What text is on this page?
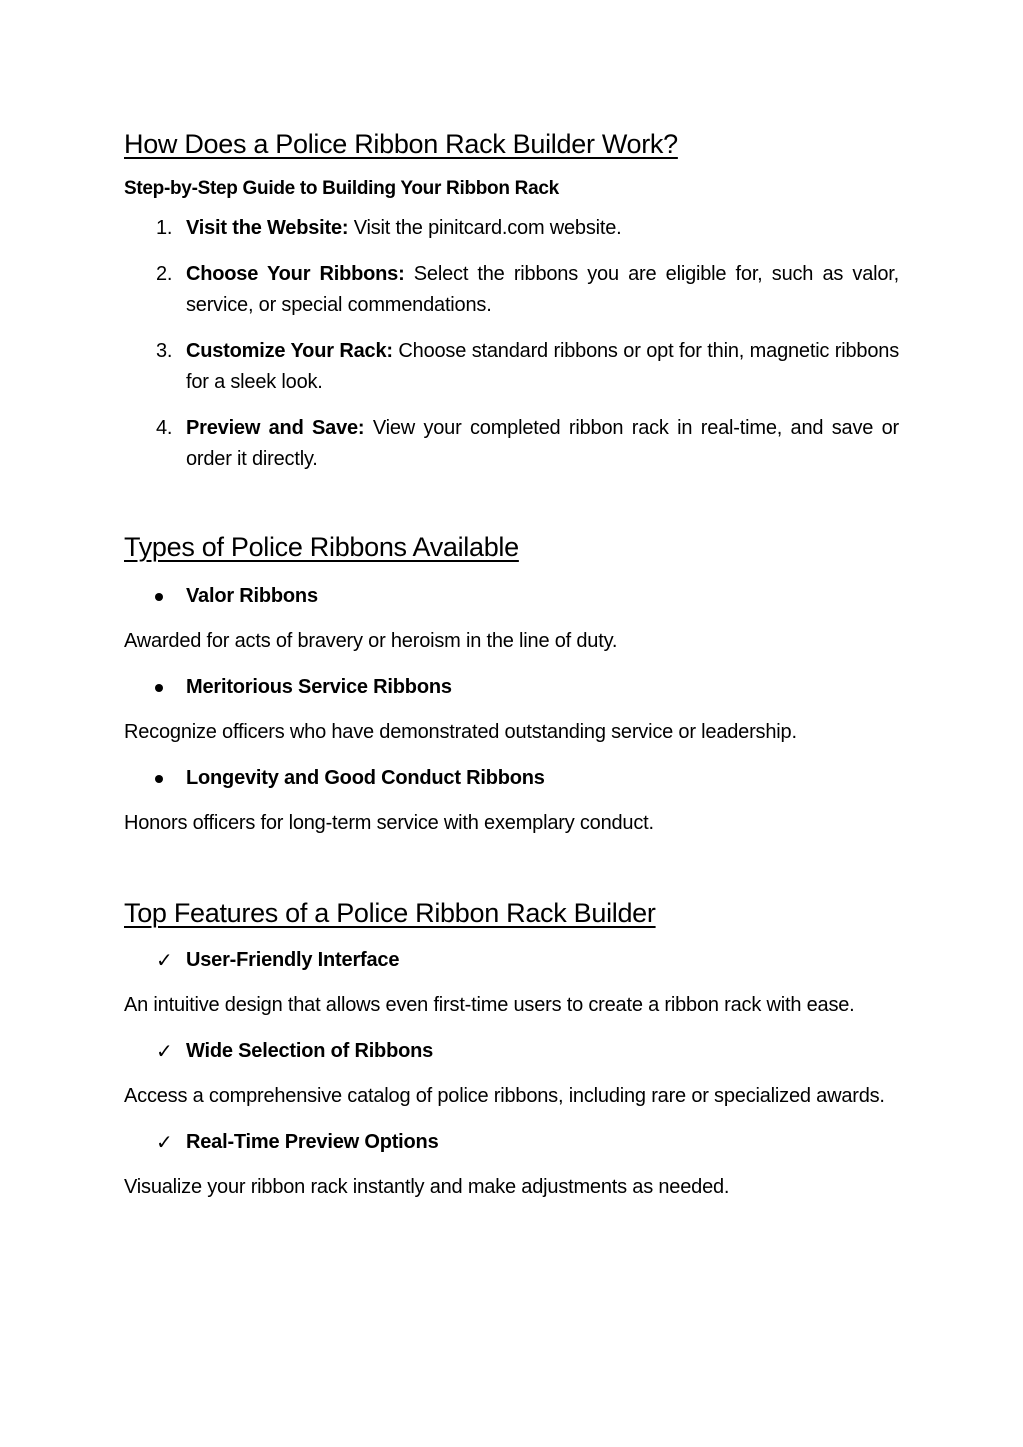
How Does a Police Ribbon Rack Builder Work?
Step-by-Step Guide to Building Your Ribbon Rack
1. Visit the Website: Visit the pinitcard.com website.
2. Choose Your Ribbons: Select the ribbons you are eligible for, such as valor, service, or special commendations.
3. Customize Your Rack: Choose standard ribbons or opt for thin, magnetic ribbons for a sleek look.
4. Preview and Save: View your completed ribbon rack in real-time, and save or order it directly.
Types of Police Ribbons Available
Valor Ribbons
Awarded for acts of bravery or heroism in the line of duty.
Meritorious Service Ribbons
Recognize officers who have demonstrated outstanding service or leadership.
Longevity and Good Conduct Ribbons
Honors officers for long-term service with exemplary conduct.
Top Features of a Police Ribbon Rack Builder
✓ User-Friendly Interface
An intuitive design that allows even first-time users to create a ribbon rack with ease.
✓ Wide Selection of Ribbons
Access a comprehensive catalog of police ribbons, including rare or specialized awards.
✓ Real-Time Preview Options
Visualize your ribbon rack instantly and make adjustments as needed.
